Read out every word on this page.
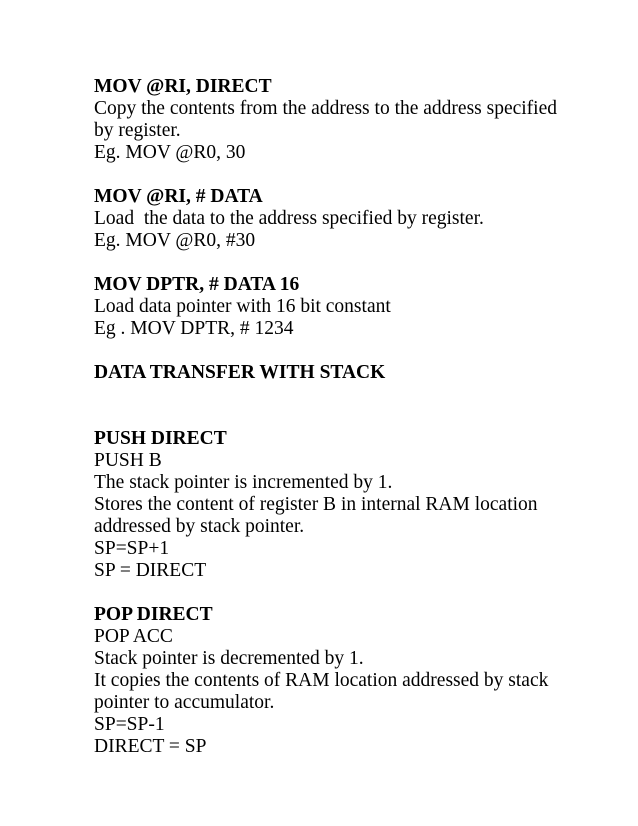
MOV @RI, DIRECT
Copy the contents from the address to the address specified
by register.
Eg. MOV @R0, 30
MOV @RI, # DATA
Load  the data to the address specified by register.
Eg. MOV @R0, #30
MOV DPTR, # DATA 16
Load data pointer with 16 bit constant
Eg . MOV DPTR, # 1234
DATA TRANSFER WITH STACK
PUSH DIRECT
PUSH B
The stack pointer is incremented by 1.
Stores the content of register B in internal RAM location
addressed by stack pointer.
SP=SP+1
SP = DIRECT
POP DIRECT
POP ACC
Stack pointer is decremented by 1.
It copies the contents of RAM location addressed by stack
pointer to accumulator.
SP=SP-1
DIRECT = SP
